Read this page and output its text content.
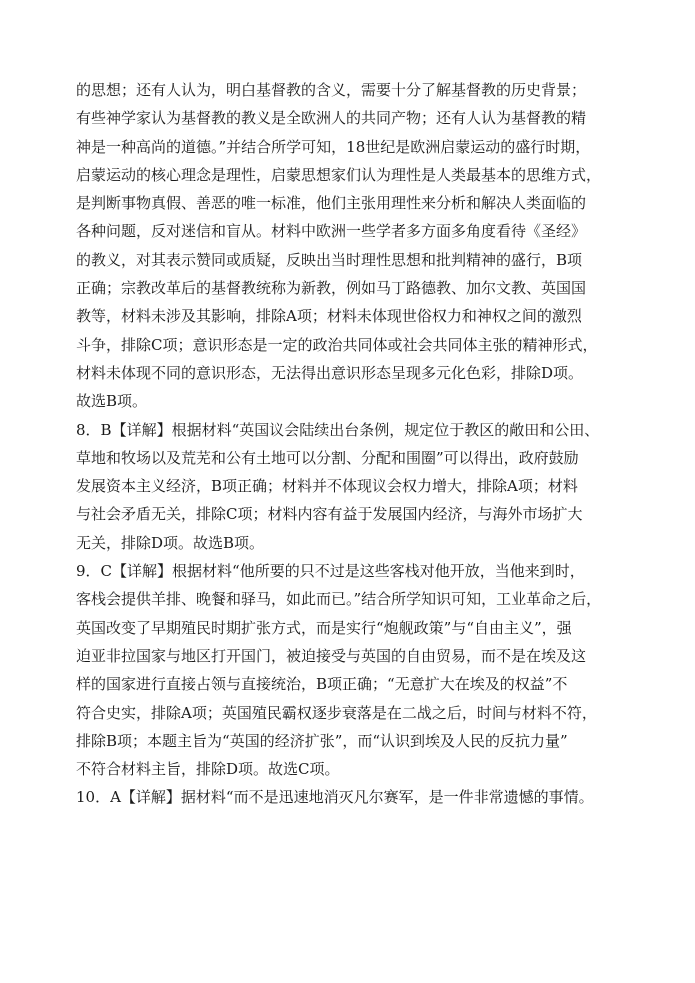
的思想；还有人认为，明白基督教的含义，需要十分了解基督教的历史背景；
有些神学家认为基督教的教义是全欧洲人的共同产物；还有人认为基督教的精
神是一种高尚的道德。”并结合所学可知，18世纪是欧洲启蒙运动的盛行时期，
启蒙运动的核心理念是理性，启蒙思想家们认为理性是人类最基本的思维方式，
是判断事物真假、善恶的唯一标准，他们主张用理性来分析和解决人类面临的
各种问题，反对迷信和盲从。材料中欧洲一些学者多方面多角度看待《圣经》
的教义，对其表示赞同或质疑，反映出当时理性思想和批判精神的盛行，B项
正确；宗教改革后的基督教统称为新教，例如马丁路德教、加尔文教、英国国
教等，材料未涉及其影响，排除A项；材料未体现世俗权力和神权之间的激烈
斗争，排除C项；意识形态是一定的政治共同体或社会共同体主张的精神形式，
材料未体现不同的意识形态，无法得出意识形态呈现多元化色彩，排除D项。
故选B项。
8．B【详解】根据材料“英国议会陆续出台条例，规定位于教区的敞田和公田、
草地和牧场以及荒芜和公有土地可以分割、分配和围圈”可以得出，政府鼓励
发展资本主义经济，B项正确；材料并不体现议会权力增大，排除A项；材料
与社会矛盾无关，排除C项；材料内容有益于发展国内经济，与海外市场扩大
无关，排除D项。故选B项。
9．C【详解】根据材料“他所要的只不过是这些客栈对他开放，当他来到时，
客栈会提供羊排、晚餐和驿马，如此而已。”结合所学知识可知，工业革命之后，
英国改变了早期殖民时期扩张方式，而是实行“炮舰政策”与“自由主义”，强
迫亚非拉国家与地区打开国门，被迫接受与英国的自由贸易，而不是在埃及这
样的国家进行直接占领与直接统治，B项正确；“无意扩大在埃及的权益”不
符合史实，排除A项；英国殖民霸权逐步衰落是在二战之后，时间与材料不符，
排除B项；本题主旨为“英国的经济扩张”，而“认识到埃及人民的反抗力量”
不符合材料主旨，排除D项。故选C项。
10．A【详解】据材料“而不是迅速地消灭凡尔赛军，是一件非常遗憾的事情。
